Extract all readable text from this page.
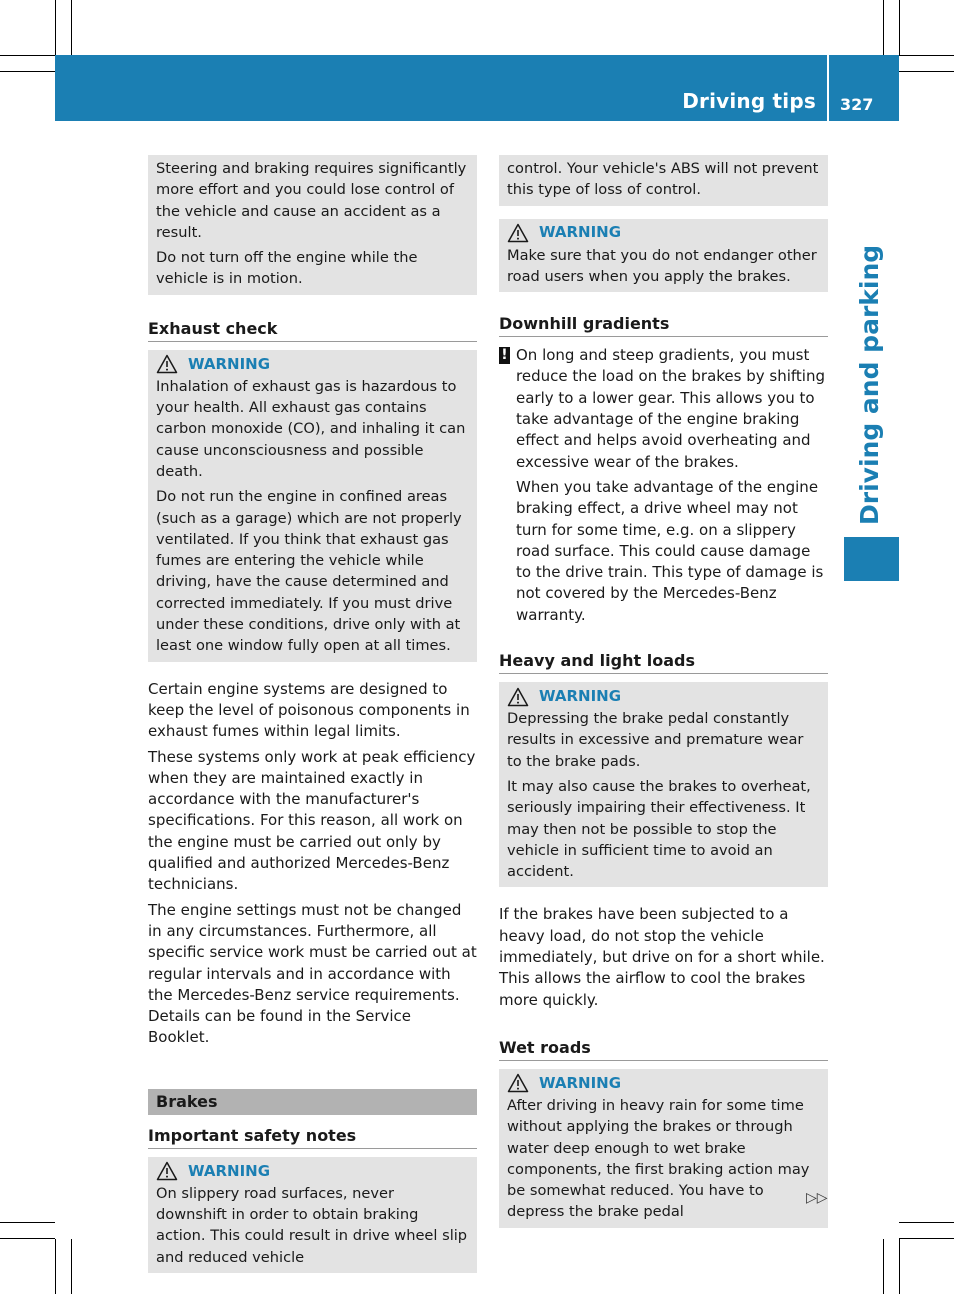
Driving tips 327
Driving and parking

Steering and braking requires significantly more effort and you could lose control of the vehicle and cause an accident as a result.

Do not turn off the engine while the vehicle is in motion.

Exhaust check
WARNING

Inhalation of exhaust gas is hazardous to your health. All exhaust gas contains carbon monoxide (CO), and inhaling it can cause unconsciousness and possible death.

Do not run the engine in confined areas (such as a garage) which are not properly ventilated. If you think that exhaust gas fumes are entering the vehicle while driving, have the cause determined and corrected immediately. If you must drive under these conditions, drive only with at least one window fully open at all times.

Certain engine systems are designed to keep the level of poisonous components in exhaust fumes within legal limits.

These systems only work at peak efficiency when they are maintained exactly in accordance with the manufacturer's specifications. For this reason, all work on the engine must be carried out only by qualified and authorized Mercedes-Benz technicians.

The engine settings must not be changed in any circumstances. Furthermore, all specific service work must be carried out at regular intervals and in accordance with the Mercedes-Benz service requirements. Details can be found in the Service Booklet.

Brakes
Important safety notes
WARNING

On slippery road surfaces, never downshift in order to obtain braking action. This could result in drive wheel slip and reduced vehicle

control. Your vehicle's ABS will not prevent this type of loss of control.

WARNING

Make sure that you do not endanger other road users when you apply the brakes.

Downhill gradients
! On long and steep gradients, you must reduce the load on the brakes by shifting early to a lower gear. This allows you to take advantage of the engine braking effect and helps avoid overheating and excessive wear of the brakes.

When you take advantage of the engine braking effect, a drive wheel may not turn for some time, e.g. on a slippery road surface. This could cause damage to the drive train. This type of damage is not covered by the Mercedes-Benz warranty.

Heavy and light loads
WARNING

Depressing the brake pedal constantly results in excessive and premature wear to the brake pads.

It may also cause the brakes to overheat, seriously impairing their effectiveness. It may then not be possible to stop the vehicle in sufficient time to avoid an accident.

If the brakes have been subjected to a heavy load, do not stop the vehicle immediately, but drive on for a short while. This allows the airflow to cool the brakes more quickly.

Wet roads
WARNING

After driving in heavy rain for some time without applying the brakes or through water deep enough to wet brake components, the first braking action may be somewhat reduced. You have to depress the brake pedal

▷▷
